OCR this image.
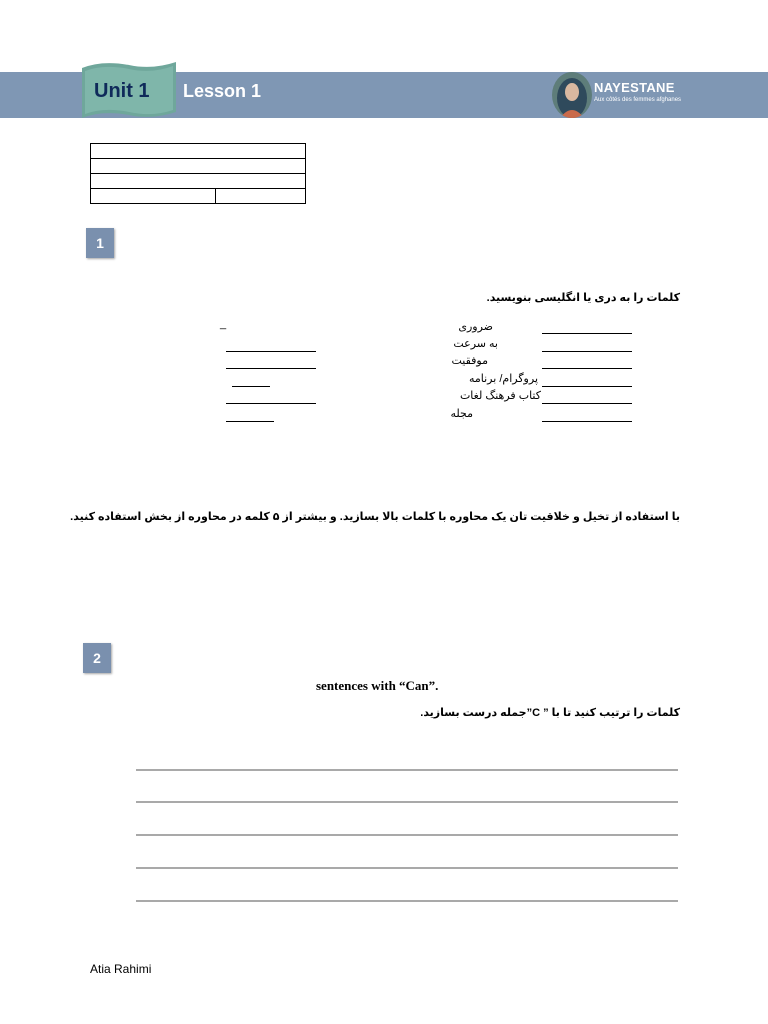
Unit 1 Lesson 1	NAYESTANE
Aux côtés des femmes afghanes

1
کلمات را به دری یا انگلیسی بنویسید.
ضروری
به سرعت
موفقیت
پروگرام/ برنامه
کتاب فرهنگ لغات
مجله
_
با استفاده از تخیل و خلاقیت تان یک محاوره با کلمات بالا بسازید. و بیشتر از ۵ کلمه در محاوره از بخش استفاده کنید.
2
sentences with “Can”.
کلمات را ترتیب کنید تا با ” C”جمله درست بسازید.
Atia Rahimi
